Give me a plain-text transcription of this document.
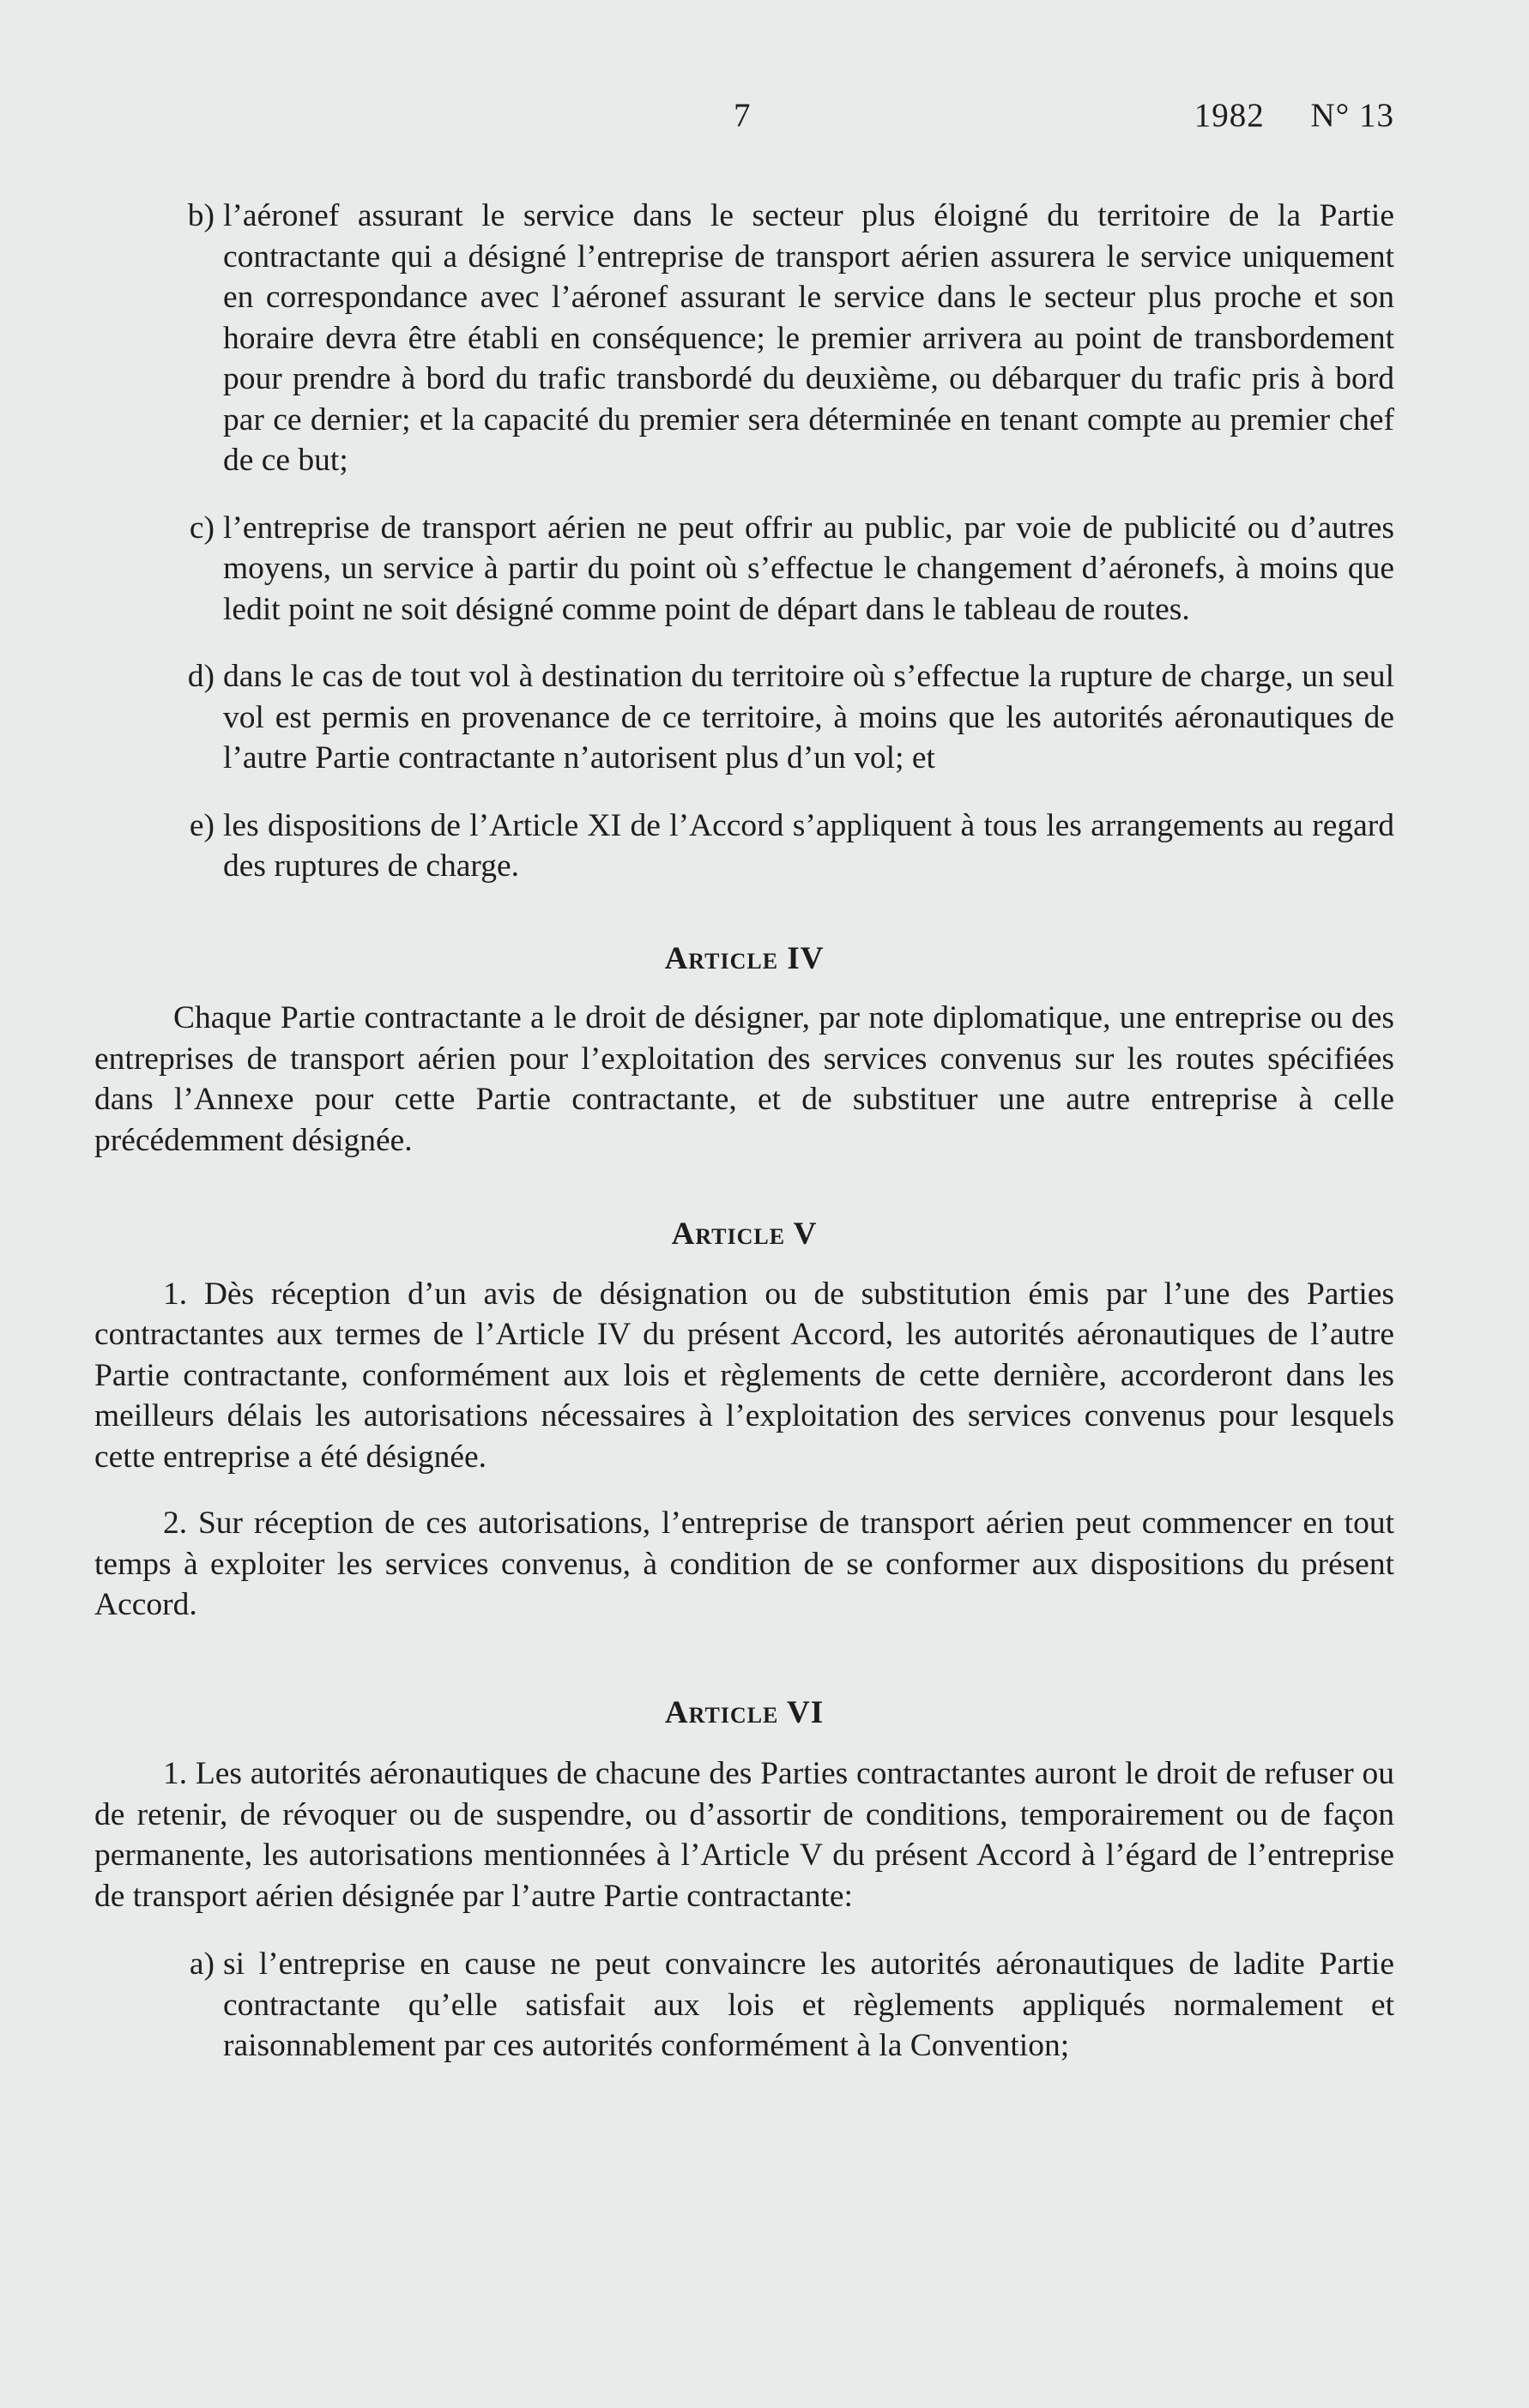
7	1982     N° 13
b) l’aéronef assurant le service dans le secteur plus éloigné du territoire de la Partie contractante qui a désigné l’entreprise de transport aérien assurera le service uniquement en correspondance avec l’aéronef assurant le service dans le secteur plus proche et son horaire devra être établi en conséquence; le premier arrivera au point de transbordement pour prendre à bord du trafic transbordé du deuxième, ou débarquer du trafic pris à bord par ce dernier; et la capacité du premier sera déterminée en tenant compte au premier chef de ce but;
c) l’entreprise de transport aérien ne peut offrir au public, par voie de publicité ou d’autres moyens, un service à partir du point où s’effectue le changement d’aéronefs, à moins que ledit point ne soit désigné comme point de départ dans le tableau de routes.
d) dans le cas de tout vol à destination du territoire où s’effectue la rupture de charge, un seul vol est permis en provenance de ce territoire, à moins que les autorités aéronautiques de l’autre Partie contractante n’autorisent plus d’un vol; et
e) les dispositions de l’Article XI de l’Accord s’appliquent à tous les arrangements au regard des ruptures de charge.
Article IV

Chaque Partie contractante a le droit de désigner, par note diplomatique, une entreprise ou des entreprises de transport aérien pour l’exploitation des services convenus sur les routes spécifiées dans l’Annexe pour cette Partie contractante, et de substituer une autre entreprise à celle précédemment désignée.

Article V

1. Dès réception d’un avis de désignation ou de substitution émis par l’une des Parties contractantes aux termes de l’Article IV du présent Accord, les autorités aéronautiques de l’autre Partie contractante, conformément aux lois et règlements de cette dernière, accorderont dans les meilleurs délais les autorisations nécessaires à l’exploitation des services convenus pour lesquels cette entreprise a été désignée.

2. Sur réception de ces autorisations, l’entreprise de transport aérien peut commencer en tout temps à exploiter les services convenus, à condition de se conformer aux dispositions du présent Accord.

Article VI

1. Les autorités aéronautiques de chacune des Parties contractantes auront le droit de refuser ou de retenir, de révoquer ou de suspendre, ou d’assortir de conditions, temporairement ou de façon permanente, les autorisations mentionnées à l’Article V du présent Accord à l’égard de l’entreprise de transport aérien désignée par l’autre Partie contractante:

a) si l’entreprise en cause ne peut convaincre les autorités aéronautiques de ladite Partie contractante qu’elle satisfait aux lois et règlements appliqués normalement et raisonnablement par ces autorités conformément à la Convention;
